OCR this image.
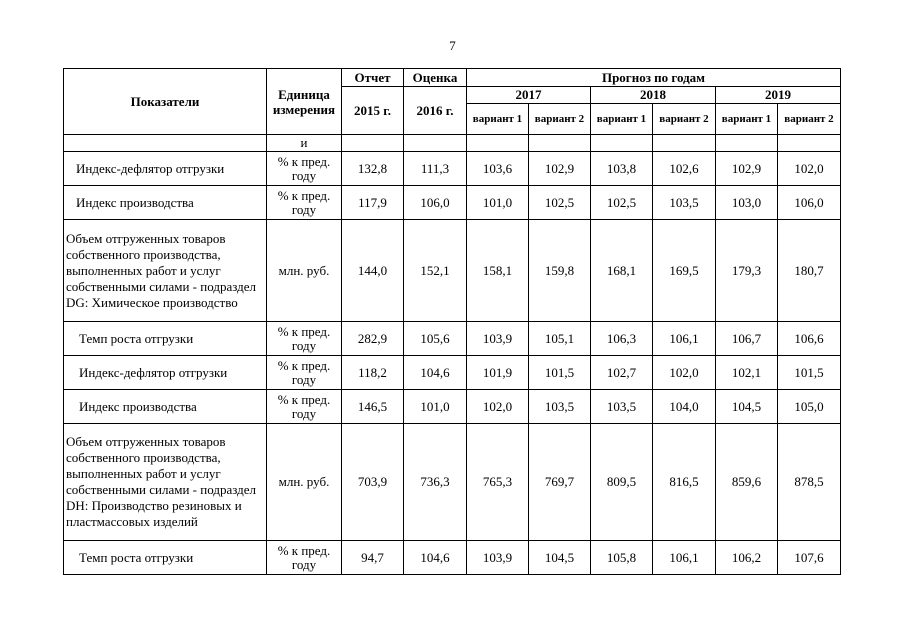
7
Показатели	Единица измерения	Отчет	Оценка	Прогноз по годам					
		2015 г.	2016 г.	2017		2018		2019	
				вариант 1	вариант 2	вариант 1	вариант 2	вариант 1	вариант 2
	и								
Индекс-дефлятор отгрузки	% к пред. году	132,8	111,3	103,6	102,9	103,8	102,6	102,9	102,0
Индекс производства	% к пред. году	117,9	106,0	101,0	102,5	102,5	103,5	103,0	106,0
Объем отгруженных товаров собственного производства, выполненных работ и услуг собственными силами - подраздел DG: Химическое производство	млн. руб.	144,0	152,1	158,1	159,8	168,1	169,5	179,3	180,7
Темп роста отгрузки	% к пред. году	282,9	105,6	103,9	105,1	106,3	106,1	106,7	106,6
Индекс-дефлятор отгрузки	% к пред. году	118,2	104,6	101,9	101,5	102,7	102,0	102,1	101,5
Индекс производства	% к пред. году	146,5	101,0	102,0	103,5	103,5	104,0	104,5	105,0
Объем отгруженных товаров собственного производства, выполненных работ и услуг собственными силами - подраздел DH: Производство резиновых и пластмассовых изделий	млн. руб.	703,9	736,3	765,3	769,7	809,5	816,5	859,6	878,5
Темп роста отгрузки	% к пред. году	94,7	104,6	103,9	104,5	105,8	106,1	106,2	107,6
